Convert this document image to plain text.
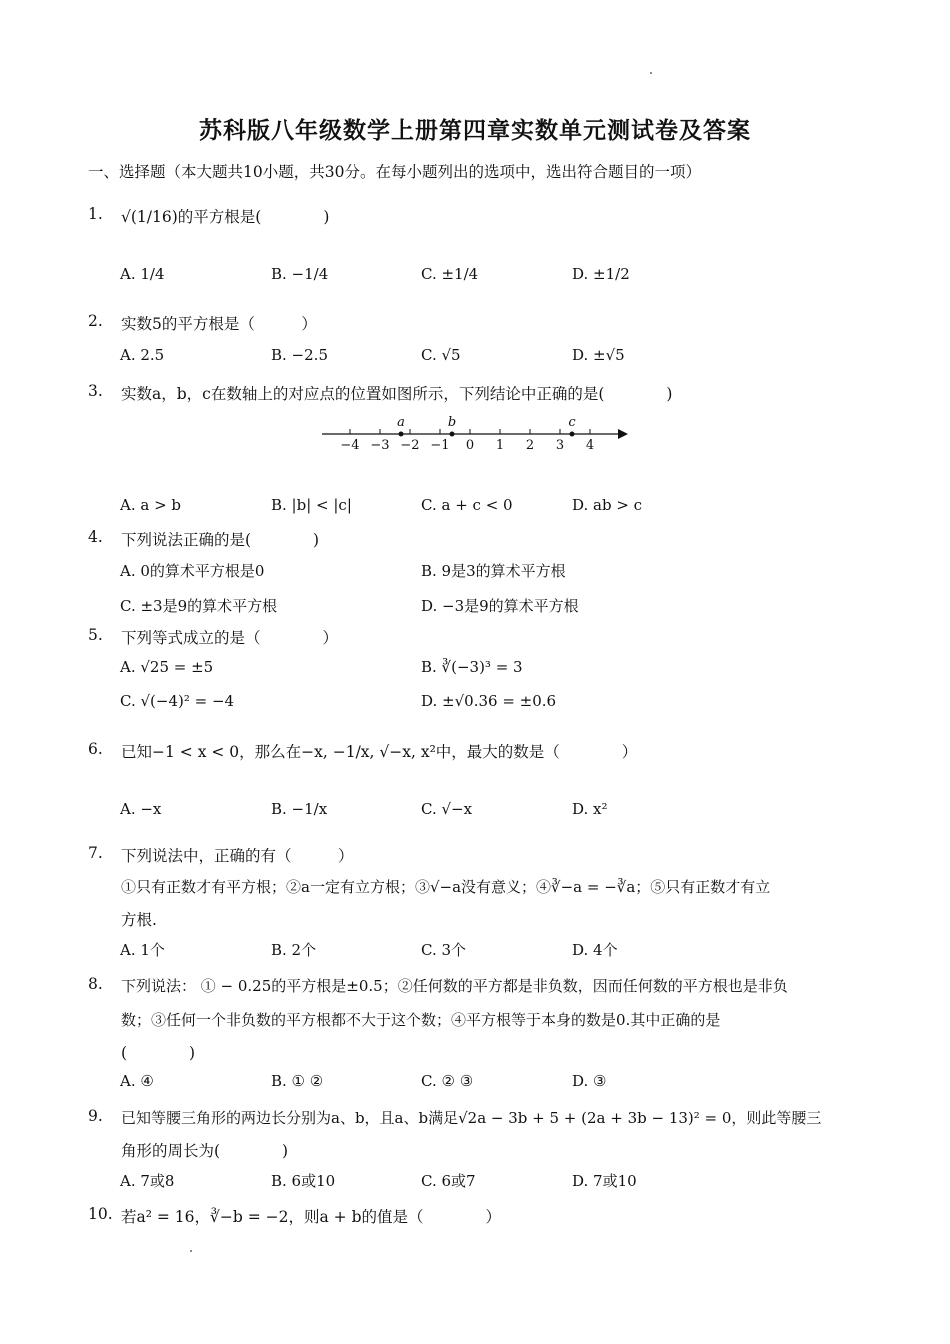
苏科版八年级数学上册第四章实数单元测试卷及答案
一、选择题（本大题共10小题，共30分。在每小题列出的选项中，选出符合题目的一项）
1. √(1/16)的平方根是(　　　　)
A. 1/4	B. −1/4	C. ±1/4	D. ±1/2
2. 实数5的平方根是（　　　）
A. 2.5	B. −2.5	C. √5	D. ±√5
3. 实数a，b，c在数轴上的对应点的位置如图所示，下列结论中正确的是(　　　　)
−4 −3 −2 −1 0 1 2 3 4
a	b	c
A. a > b	B. |b| < |c|	C. a + c < 0	D. ab > c
4. 下列说法正确的是(　　　　)
A. 0的算术平方根是0	B. 9是3的算术平方根
C. ±3是9的算术平方根	D. −3是9的算术平方根
5. 下列等式成立的是（　　　　）
A. √25 = ±5	B. ∛(−3)³ = 3
C. √(−4)² = −4	D. ±√0.36 = ±0.6
6. 已知−1 < x < 0，那么在−x, −1/x, √−x, x²中，最大的数是（　　　　）
A. −x	B. −1/x	C. √−x	D. x²
7. 下列说法中，正确的有（　　　）
①只有正数才有平方根；②a一定有立方根；③√−a没有意义；④∛−a = −∛a；⑤只有正数才有立
方根.
A. 1个	B. 2个	C. 3个	D. 4个
8. 下列说法： ① − 0.25的平方根是±0.5；②任何数的平方都是非负数，因而任何数的平方根也是非负
数；③任何一个非负数的平方根都不大于这个数；④平方根等于本身的数是0.其中正确的是
(　　　　)
A. ④	B. ① ②	C. ② ③	D. ③
9. 已知等腰三角形的两边长分别为a、b，且a、b满足√2a − 3b + 5 + (2a + 3b − 13)² = 0，则此等腰三
角形的周长为(　　　　)
A. 7或8	B. 6或10	C. 6或7	D. 7或10
10. 若a² = 16，∛−b = −2，则a + b的值是（　　　　）
